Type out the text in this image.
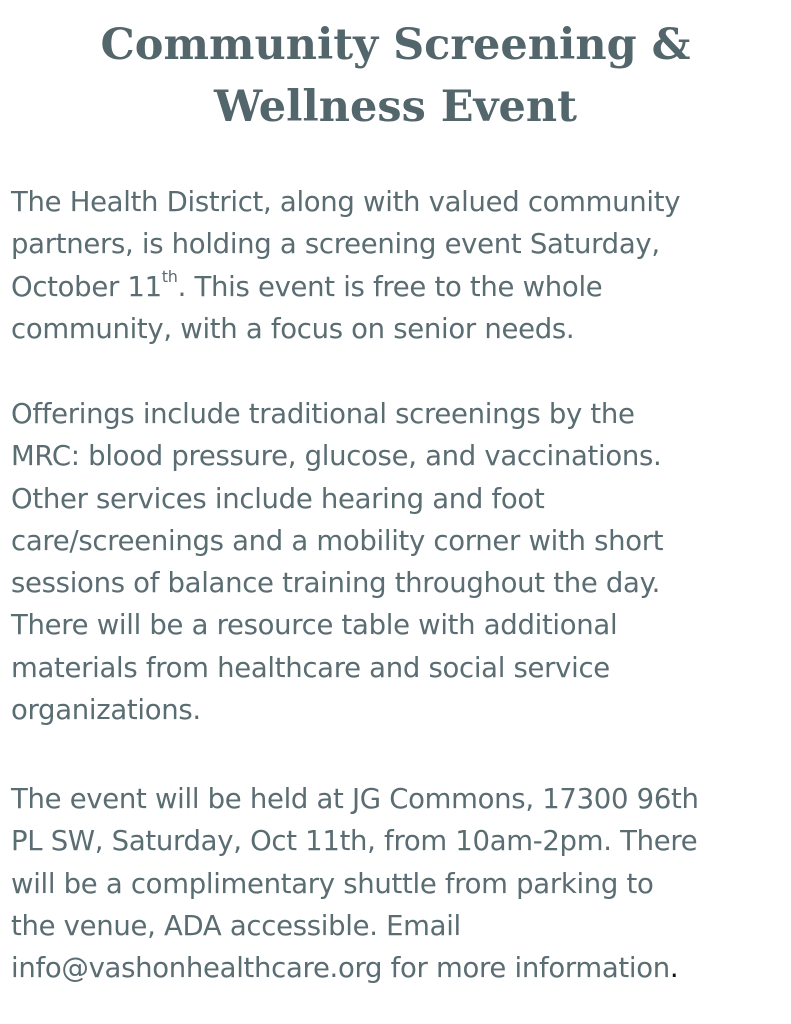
Community Screening &
Wellness Event

The Health District, along with valued community
partners, is holding a screening event Saturday,
October 11th. This event is free to the whole
community, with a focus on senior needs.

Offerings include traditional screenings by the
MRC: blood pressure, glucose, and vaccinations.
Other services include hearing and foot
care/screenings and a mobility corner with short
sessions of balance training throughout the day.
There will be a resource table with additional
materials from healthcare and social service
organizations.

The event will be held at JG Commons, 17300 96th
PL SW, Saturday, Oct 11th, from 10am-2pm. There
will be a complimentary shuttle from parking to
the venue, ADA accessible. Email
info@vashonhealthcare.org for more information.
